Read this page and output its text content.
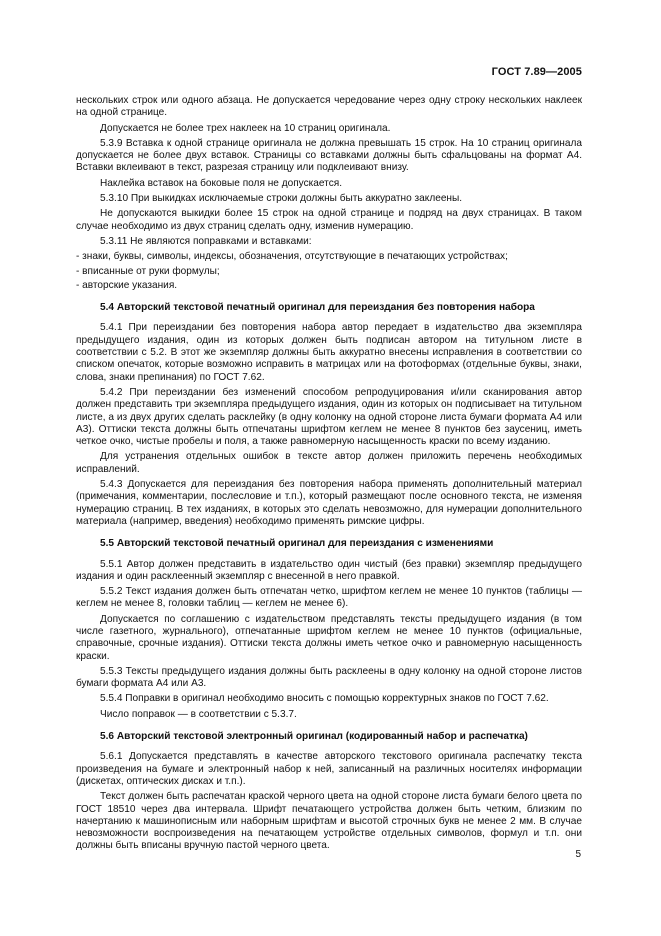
ГОСТ 7.89—2005

нескольких строк или одного абзаца. Не допускается чередование через одну строку нескольких наклеек на одной странице.

Допускается не более трех наклеек на 10 страниц оригинала.

5.3.9 Вставка к одной странице оригинала не должна превышать 15 строк. На 10 страниц оригинала допускается не более двух вставок. Страницы со вставками должны быть сфальцованы на формат А4. Вставки вклеивают в текст, разрезая страницу или подклеивают внизу.

Наклейка вставок на боковые поля не допускается.

5.3.10 При выкидках исключаемые строки должны быть аккуратно заклеены.

Не допускаются выкидки более 15 строк на одной странице и подряд на двух страницах. В таком случае необходимо из двух страниц сделать одну, изменив нумерацию.

5.3.11 Не являются поправками и вставками:

- знаки, буквы, символы, индексы, обозначения, отсутствующие в печатающих устройствах;
- вписанные от руки формулы;
- авторские указания.
5.4 Авторский текстовой печатный оригинал для переиздания без повторения набора

5.4.1 При переиздании без повторения набора автор передает в издательство два экземпляра предыдущего издания, один из которых должен быть подписан автором на титульном листе в соответствии с 5.2. В этот же экземпляр должны быть аккуратно внесены исправления в соответствии со списком опечаток, которые возможно исправить в матрицах или на фотоформах (отдельные буквы, знаки, слова, знаки препинания) по ГОСТ 7.62.

5.4.2 При переиздании без изменений способом репродуцирования и/или сканирования автор должен представить три экземпляра предыдущего издания, один из которых он подписывает на титульном листе, а из двух других сделать расклейку (в одну колонку на одной стороне листа бумаги формата А4 или А3). Оттиски текста должны быть отпечатаны шрифтом кеглем не менее 8 пунктов без заусениц, иметь четкое очко, чистые пробелы и поля, а также равномерную насыщенность краски по всему изданию.

Для устранения отдельных ошибок в тексте автор должен приложить перечень необходимых исправлений.

5.4.3 Допускается для переиздания без повторения набора применять дополнительный материал (примечания, комментарии, послесловие и т.п.), который размещают после основного текста, не изменяя нумерацию страниц. В тех изданиях, в которых это сделать невозможно, для нумерации дополнительного материала (например, введения) необходимо применять римские цифры.

5.5 Авторский текстовой печатный оригинал для переиздания с изменениями

5.5.1 Автор должен представить в издательство один чистый (без правки) экземпляр предыдущего издания и один расклеенный экземпляр с внесенной в него правкой.

5.5.2 Текст издания должен быть отпечатан четко, шрифтом кеглем не менее 10 пунктов (таблицы — кеглем не менее 8, головки таблиц — кеглем не менее 6).

Допускается по соглашению с издательством представлять тексты предыдущего издания (в том числе газетного, журнального), отпечатанные шрифтом кеглем не менее 10 пунктов (официальные, справочные, срочные издания). Оттиски текста должны иметь четкое очко и равномерную насыщенность краски.

5.5.3 Тексты предыдущего издания должны быть расклеены в одну колонку на одной стороне листов бумаги формата А4 или А3.

5.5.4 Поправки в оригинал необходимо вносить с помощью корректурных знаков по ГОСТ 7.62.

Число поправок — в соответствии с 5.3.7.

5.6 Авторский текстовой электронный оригинал (кодированный набор и распечатка)

5.6.1 Допускается представлять в качестве авторского текстового оригинала распечатку текста произведения на бумаге и электронный набор к ней, записанный на различных носителях информации (дискетах, оптических дисках и т.п.).

Текст должен быть распечатан краской черного цвета на одной стороне листа бумаги белого цвета по ГОСТ 18510 через два интервала. Шрифт печатающего устройства должен быть четким, близким по начертанию к машинописным или наборным шрифтам и высотой строчных букв не менее 2 мм. В случае невозможности воспроизведения на печатающем устройстве отдельных символов, формул и т.п. они должны быть вписаны вручную пастой черного цвета.

5
